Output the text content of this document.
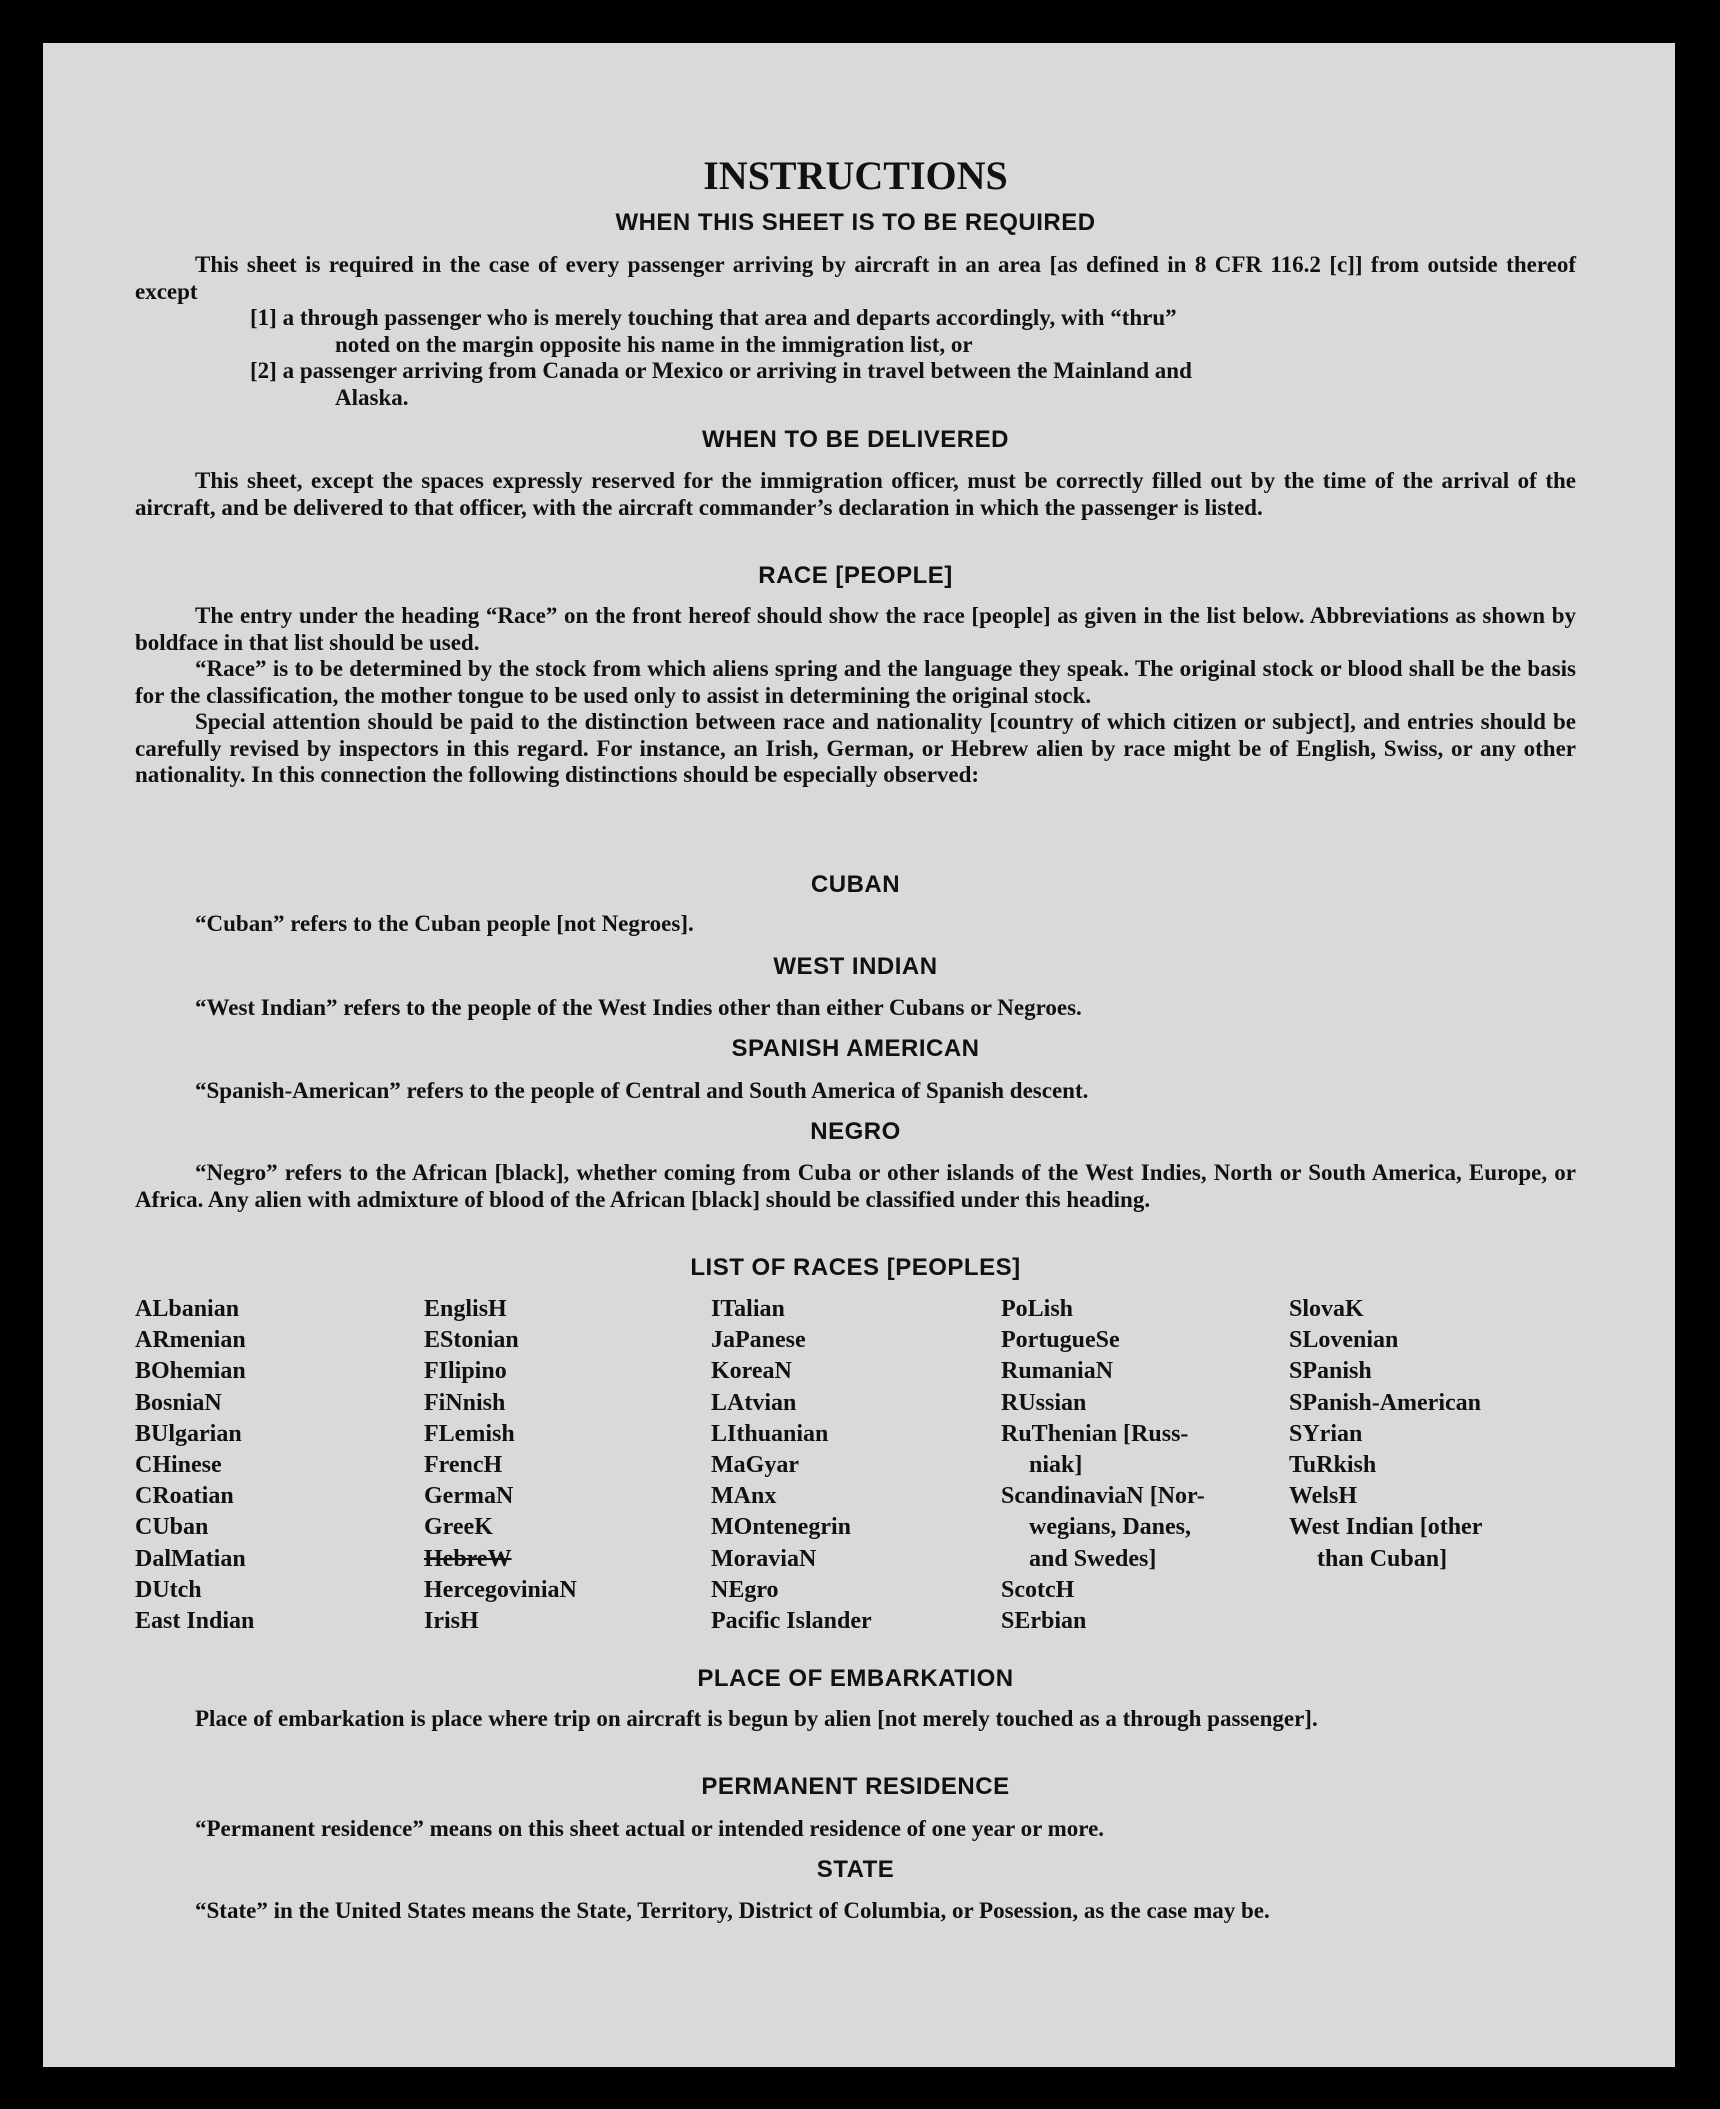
INSTRUCTIONS
WHEN THIS SHEET IS TO BE REQUIRED

This sheet is required in the case of every passenger arriving by aircraft in an area [as defined in 8 CFR 116.2 [c]] from outside thereof except

[1] a through passenger who is merely touching that area and departs accordingly, with “thru”
noted on the margin opposite his name in the immigration list, or

[2] a passenger arriving from Canada or Mexico or arriving in travel between the Mainland and
Alaska.

WHEN TO BE DELIVERED

This sheet, except the spaces expressly reserved for the immigration officer, must be correctly filled out by the time of the arrival of the aircraft, and be delivered to that officer, with the aircraft commander’s declaration in which the passenger is listed.

RACE [PEOPLE]

The entry under the heading “Race” on the front hereof should show the race [people] as given in the list below. Abbreviations as shown by boldface in that list should be used.

“Race” is to be determined by the stock from which aliens spring and the language they speak. The original stock or blood shall be the basis for the classification, the mother tongue to be used only to assist in determining the original stock.

Special attention should be paid to the distinction between race and nationality [country of which citizen or subject], and entries should be carefully revised by inspectors in this regard. For instance, an Irish, German, or Hebrew alien by race might be of English, Swiss, or any other nationality. In this connection the following distinctions should be especially observed:

CUBAN

“Cuban” refers to the Cuban people [not Negroes].

WEST INDIAN

“West Indian” refers to the people of the West Indies other than either Cubans or Negroes.

SPANISH AMERICAN

“Spanish-American” refers to the people of Central and South America of Spanish descent.

NEGRO

“Negro” refers to the African [black], whether coming from Cuba or other islands of the West Indies, North or South America, Europe, or Africa. Any alien with admixture of blood of the African [black] should be classified under this heading.

LIST OF RACES [PEOPLES]
ALbanian
ARmenian
BOhemian
BosniaN
BUlgarian
CHinese
CRoatian
CUban
DalMatian
DUtch
East Indian
EnglisH
EStonian
FIlipino
FiNnish
FLemish
FrencH
GermaN
GreeK
HebreW
HercegoviniaN
IrisH
ITalian
JaPanese
KoreaN
LAtvian
LIthuanian
MaGyar
MAnx
MOntenegrin
MoraviaN
NEgro
Pacific Islander
PoLish
PortugueSe
RumaniaN
RUssian
RuThenian [Russ-
niak]
ScandinaviaN [Nor-
wegians, Danes,
and Swedes]
ScotcH
SErbian
SlovaK
SLovenian
SPanish
SPanish-American
SYrian
TuRkish
WelsH
West Indian [other
than Cuban]
PLACE OF EMBARKATION

Place of embarkation is place where trip on aircraft is begun by alien [not merely touched as a through passenger].

PERMANENT RESIDENCE

“Permanent residence” means on this sheet actual or intended residence of one year or more.

STATE

“State” in the United States means the State, Territory, District of Columbia, or Posession, as the case may be.
